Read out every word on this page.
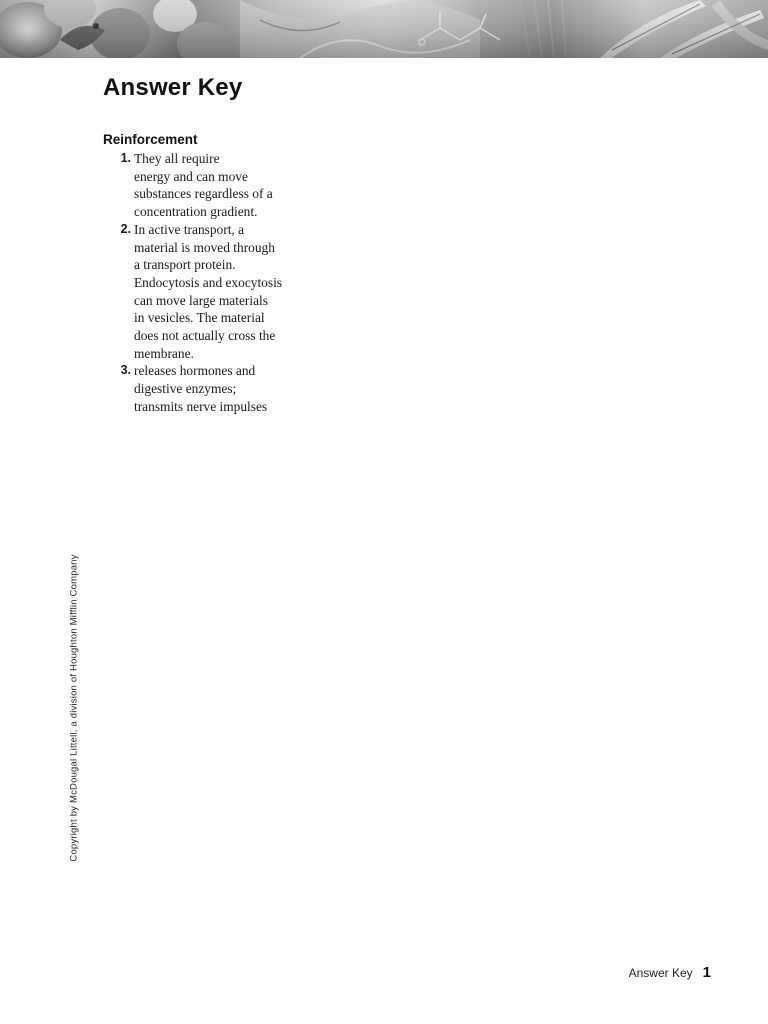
Answer Key
Reinforcement
1. They all require
energy and can move
substances regardless of a
concentration gradient.
2. In active transport, a
material is moved through
a transport protein.
Endocytosis and exocytosis
can move large materials
in vesicles. The material
does not actually cross the
membrane.
3. releases hormones and
digestive enzymes;
transmits nerve impulses
Copyright by McDougal Littell, a division of Houghton Mifflin Company
Answer Key 1
